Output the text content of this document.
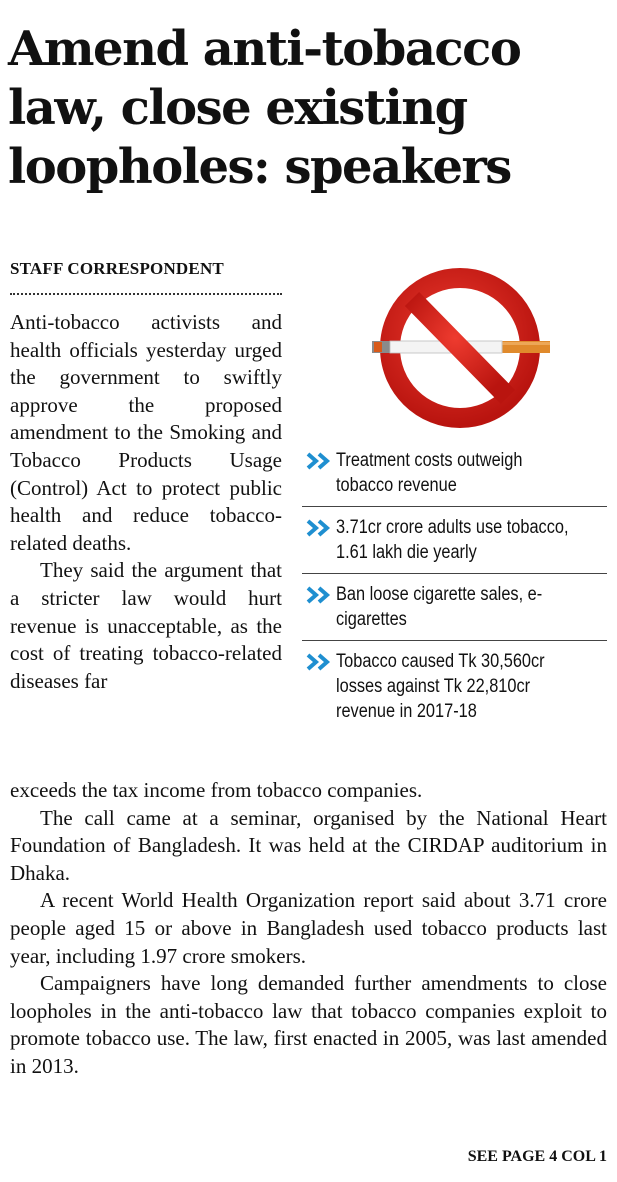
Amend anti-tobacco
law, close existing
loopholes: speakers
STAFF CORRESPONDENT

Anti-tobacco activists and health officials yesterday urged the government to swiftly approve the proposed amendment to the Smoking and Tobacco Products Usage (Control) Act to protect public health and reduce tobacco-related deaths.

They said the argument that a stricter law would hurt revenue is unacceptable, as the cost of treating tobacco-related diseases far

Treatment costs outweigh tobacco revenue
3.71cr crore adults use tobacco, 1.61 lakh die yearly
Ban loose cigarette sales, e-cigarettes
Tobacco caused Tk 30,560cr losses against Tk 22,810cr revenue in 2017-18

exceeds the tax income from tobacco companies.

The call came at a seminar, organised by the National Heart Foundation of Bangladesh. It was held at the CIRDAP auditorium in Dhaka.

A recent World Health Organization report said about 3.71 crore people aged 15 or above in Bangladesh used tobacco products last year, including 1.97 crore smokers.

Campaigners have long demanded further amendments to close loopholes in the anti-tobacco law that tobacco companies exploit to promote tobacco use. The law, first enacted in 2005, was last amended in 2013.

SEE PAGE 4 COL 1
